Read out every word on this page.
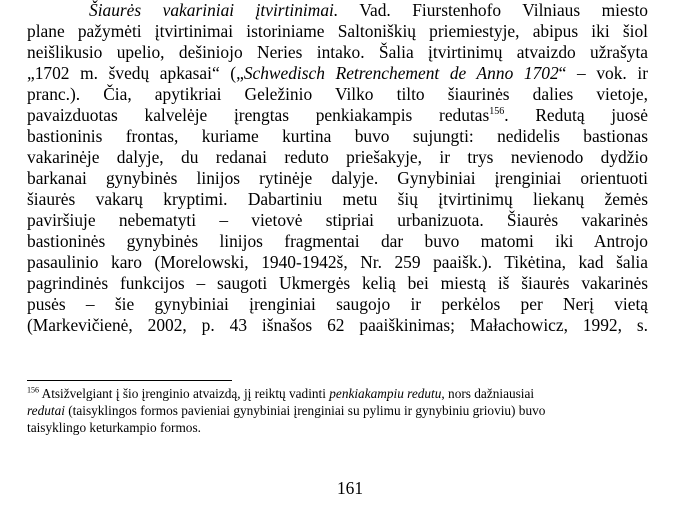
Šiaurės vakariniai įtvirtinimai. Vad. Fiurstenhofo Vilniaus miesto
plane pažymėti įtvirtinimai istoriniame Saltoniškių priemiestyje, abipus iki šiol
neišlikusio upelio, dešiniojo Neries intako. Šalia įtvirtinimų atvaizdo užrašyta
„1702 m. švedų apkasai“ („Schwedisch Retrenchement de Anno 1702“ – vok. ir
pranc.). Čia, apytikriai Geležinio Vilko tilto šiaurinės dalies vietoje,
pavaizduotas kalvelėje įrengtas penkiakampis redutas$^{156}$. Redutą juosė
bastioninis frontas, kuriame kurtina buvo sujungti: nedidelis bastionas
vakarinėje dalyje, du redanai reduto priešakyje, ir trys nevienodo dydžio
barkanai gynybinės linijos rytinėje dalyje. Gynybiniai įrenginiai orientuoti
šiaurės vakarų kryptimi. Dabartiniu metu šių įtvirtinimų liekanų žemės
paviršiuje nebematyti – vietovė stipriai urbanizuota. Šiaurės vakarinės
bastioninės gynybinės linijos fragmentai dar buvo matomi iki Antrojo
pasaulinio karo (Morelowski, 1940-1942š, Nr. 259 paaišk.). Tikėtina, kad šalia
pagrindinės funkcijos – saugoti Ukmergės kelią bei miestą iš šiaurės vakarinės
pusės – šie gynybiniai įrenginiai saugojo ir perkėlos per Nerį vietą
(Markevičienė, 2002, p. 43 išnašos 62 paaiškinimas; Małachowicz, 1992, s.
$^{156}$ Atsižvelgiant į šio įrenginio atvaizdą, jį reiktų vadinti penkiakampiu redutu, nors dažniausiai
redutai (taisyklingos formos pavieniai gynybiniai įrenginiai su pylimu ir gynybiniu grioviu) buvo
taisyklingo keturkampio formos.
161
